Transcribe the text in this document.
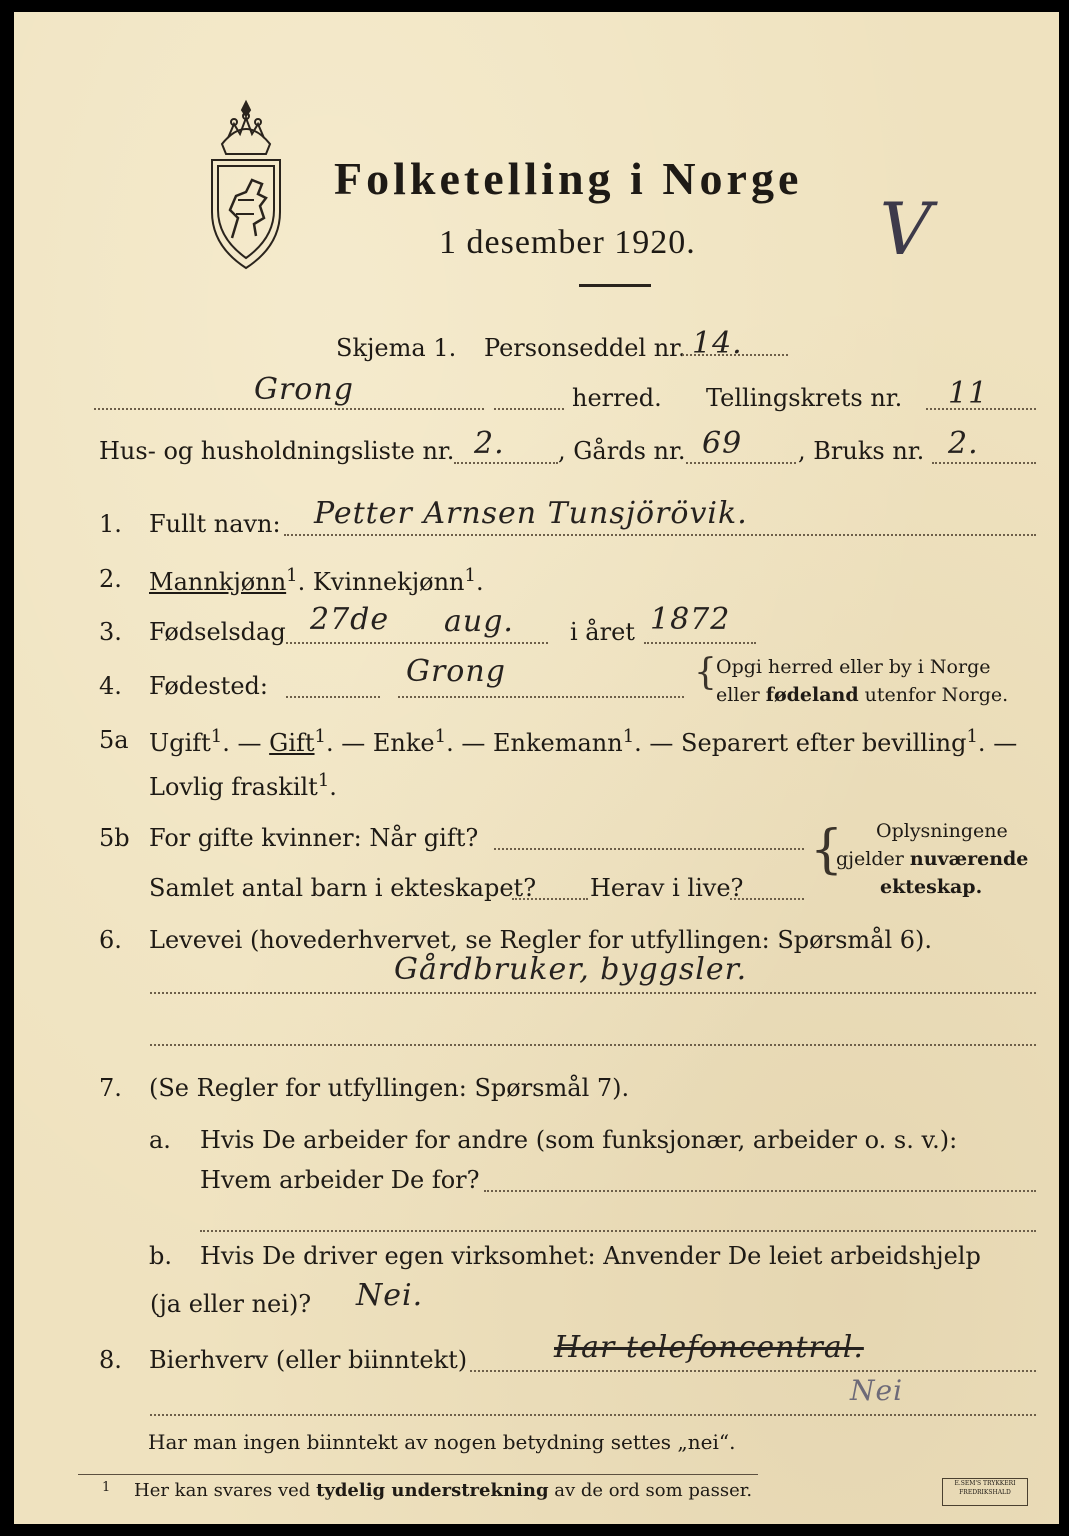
Folketelling i Norge
1 desember 1920. V
Skjema 1. Personseddel nr. 14.
Grong	herred. Tellingskrets nr. 11
Hus- og husholdningsliste nr. 2. , Gårds nr. 69 , Bruks nr. 2.
1. Fullt navn: Petter Arnsen Tunsjörövik.
2. Mannkjønn$^1$. Kvinnekjønn$^1$.
3. Fødselsdag 27de aug. i året 1872
4. Fødested:	Grong	{ Opgi herred eller by i Norge
eller fødeland utenfor Norge.
5a Ugift$^1$. — Gift$^1$. — Enke$^1$. — Enkemann$^1$. — Separert efter bevilling$^1$. —
Lovlig fraskilt$^1$.
5b For gifte kvinner: Når gift?
Samlet antal barn i ekteskapet? Herav i live?
{ Oplysningene
gjelder nuværende
ekteskap.
6. Levevei (hovederhvervet, se Regler for utfyllingen: Spørsmål 6).
Gårdbruker, byggsler.
7. (Se Regler for utfyllingen: Spørsmål 7).
a. Hvis De arbeider for andre (som funksjonær, arbeider o. s. v.):
Hvem arbeider De for?
b. Hvis De driver egen virksomhet: Anvender De leiet arbeidshjelp
(ja eller nei)? Nei.
8. Bierhverv (eller biinntekt)	Har telefoncentral.
Nei
Har man ingen biinntekt av nogen betydning settes „nei“.
1 Her kan svares ved tydelig understrekning av de ord som passer.	E.SEM'S TRYKKERI
FREDRIKSHALD
